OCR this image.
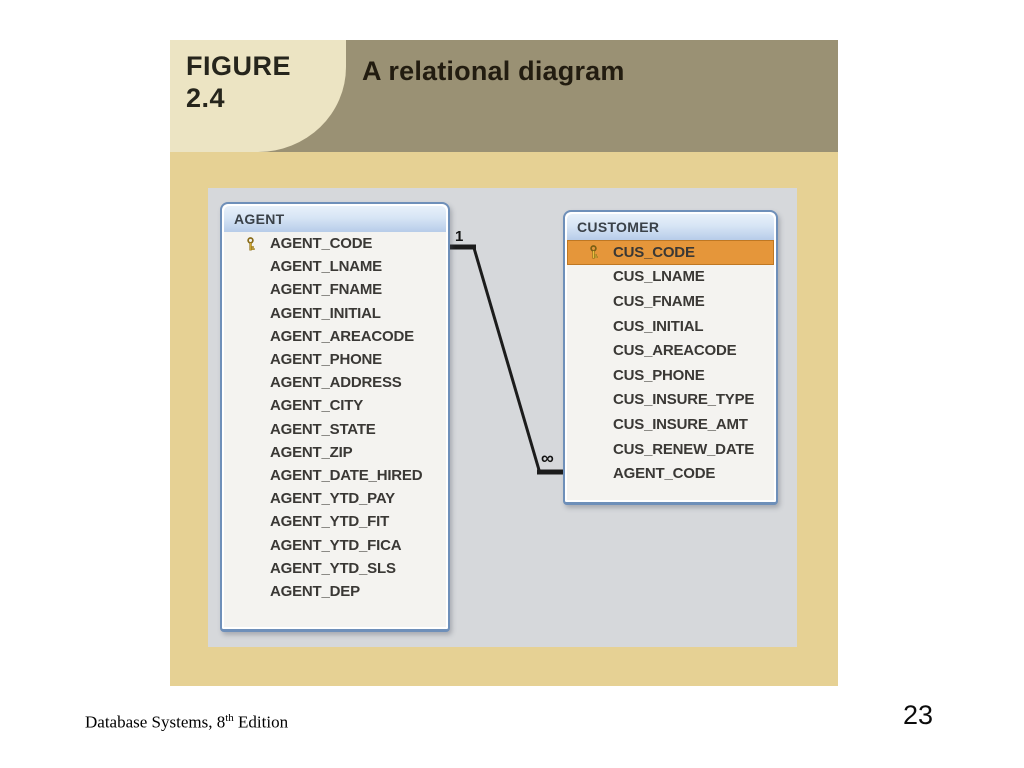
FIGURE
2.4
A relational diagram
1
∞
AGENT
AGENT_CODE
AGENT_LNAME
AGENT_FNAME
AGENT_INITIAL
AGENT_AREACODE
AGENT_PHONE
AGENT_ADDRESS
AGENT_CITY
AGENT_STATE
AGENT_ZIP
AGENT_DATE_HIRED
AGENT_YTD_PAY
AGENT_YTD_FIT
AGENT_YTD_FICA
AGENT_YTD_SLS
AGENT_DEP
CUSTOMER
CUS_CODE
CUS_LNAME
CUS_FNAME
CUS_INITIAL
CUS_AREACODE
CUS_PHONE
CUS_INSURE_TYPE
CUS_INSURE_AMT
CUS_RENEW_DATE
AGENT_CODE
Database Systems, 8th Edition	23
